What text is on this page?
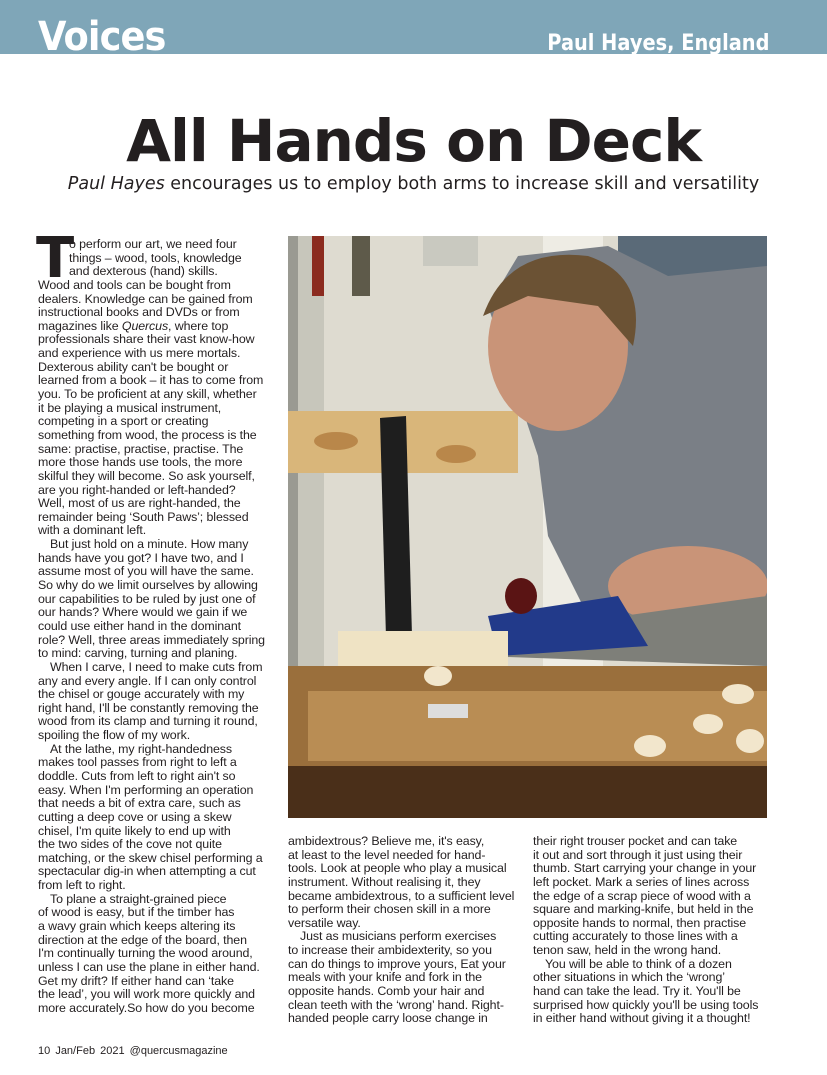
Voices	Paul Hayes, England
All Hands on Deck
Paul Hayes encourages us to employ both arms to increase skill and versatility
T
o perform our art, we need four
things – wood, tools, knowledge
and dexterous (hand) skills.
Wood and tools can be bought from
dealers. Knowledge can be gained from
instructional books and DVDs or from
magazines like Quercus, where top
professionals share their vast know-how
and experience with us mere mortals.
Dexterous ability can't be bought or
learned from a book – it has to come from
you. To be proficient at any skill, whether
it be playing a musical instrument,
competing in a sport or creating
something from wood, the process is the
same: practise, practise, practise. The
more those hands use tools, the more
skilful they will become. So ask yourself,
are you right-handed or left-handed?
Well, most of us are right-handed, the
remainder being ‘South Paws’; blessed
with a dominant left.
But just hold on a minute. How many
hands have you got? I have two, and I
assume most of you will have the same.
So why do we limit ourselves by allowing
our capabilities to be ruled by just one of
our hands? Where would we gain if we
could use either hand in the dominant
role? Well, three areas immediately spring
to mind: carving, turning and planing.
When I carve, I need to make cuts from
any and every angle. If I can only control
the chisel or gouge accurately with my
right hand, I'll be constantly removing the
wood from its clamp and turning it round,
spoiling the flow of my work.
At the lathe, my right-handedness
makes tool passes from right to left a
doddle. Cuts from left to right ain't so
easy. When I'm performing an operation
that needs a bit of extra care, such as
cutting a deep cove or using a skew
chisel, I'm quite likely to end up with
the two sides of the cove not quite
matching, or the skew chisel performing a
spectacular dig-in when attempting a cut
from left to right.
To plane a straight-grained piece
of wood is easy, but if the timber has
a wavy grain which keeps altering its
direction at the edge of the board, then
I'm continually turning the wood around,
unless I can use the plane in either hand.
Get my drift? If either hand can ‘take
the lead’, you will work more quickly and
more accurately.So how do you become
ambidextrous? Believe me, it's easy,
at least to the level needed for hand-
tools. Look at people who play a musical
instrument. Without realising it, they
became ambidextrous, to a sufficient level
to perform their chosen skill in a more
versatile way.
Just as musicians perform exercises
to increase their ambidexterity, so you
can do things to improve yours, Eat your
meals with your knife and fork in the
opposite hands. Comb your hair and
clean teeth with the ‘wrong’ hand. Right-
handed people carry loose change in
their right trouser pocket and can take
it out and sort through it just using their
thumb. Start carrying your change in your
left pocket. Mark a series of lines across
the edge of a scrap piece of wood with a
square and marking-knife, but held in the
opposite hands to normal, then practise
cutting accurately to those lines with a
tenon saw, held in the wrong hand.
You will be able to think of a dozen
other situations in which the ‘wrong’
hand can take the lead. Try it. You'll be
surprised how quickly you'll be using tools
in either hand without giving it a thought!
10 Jan/Feb 2021 @quercusmagazine
